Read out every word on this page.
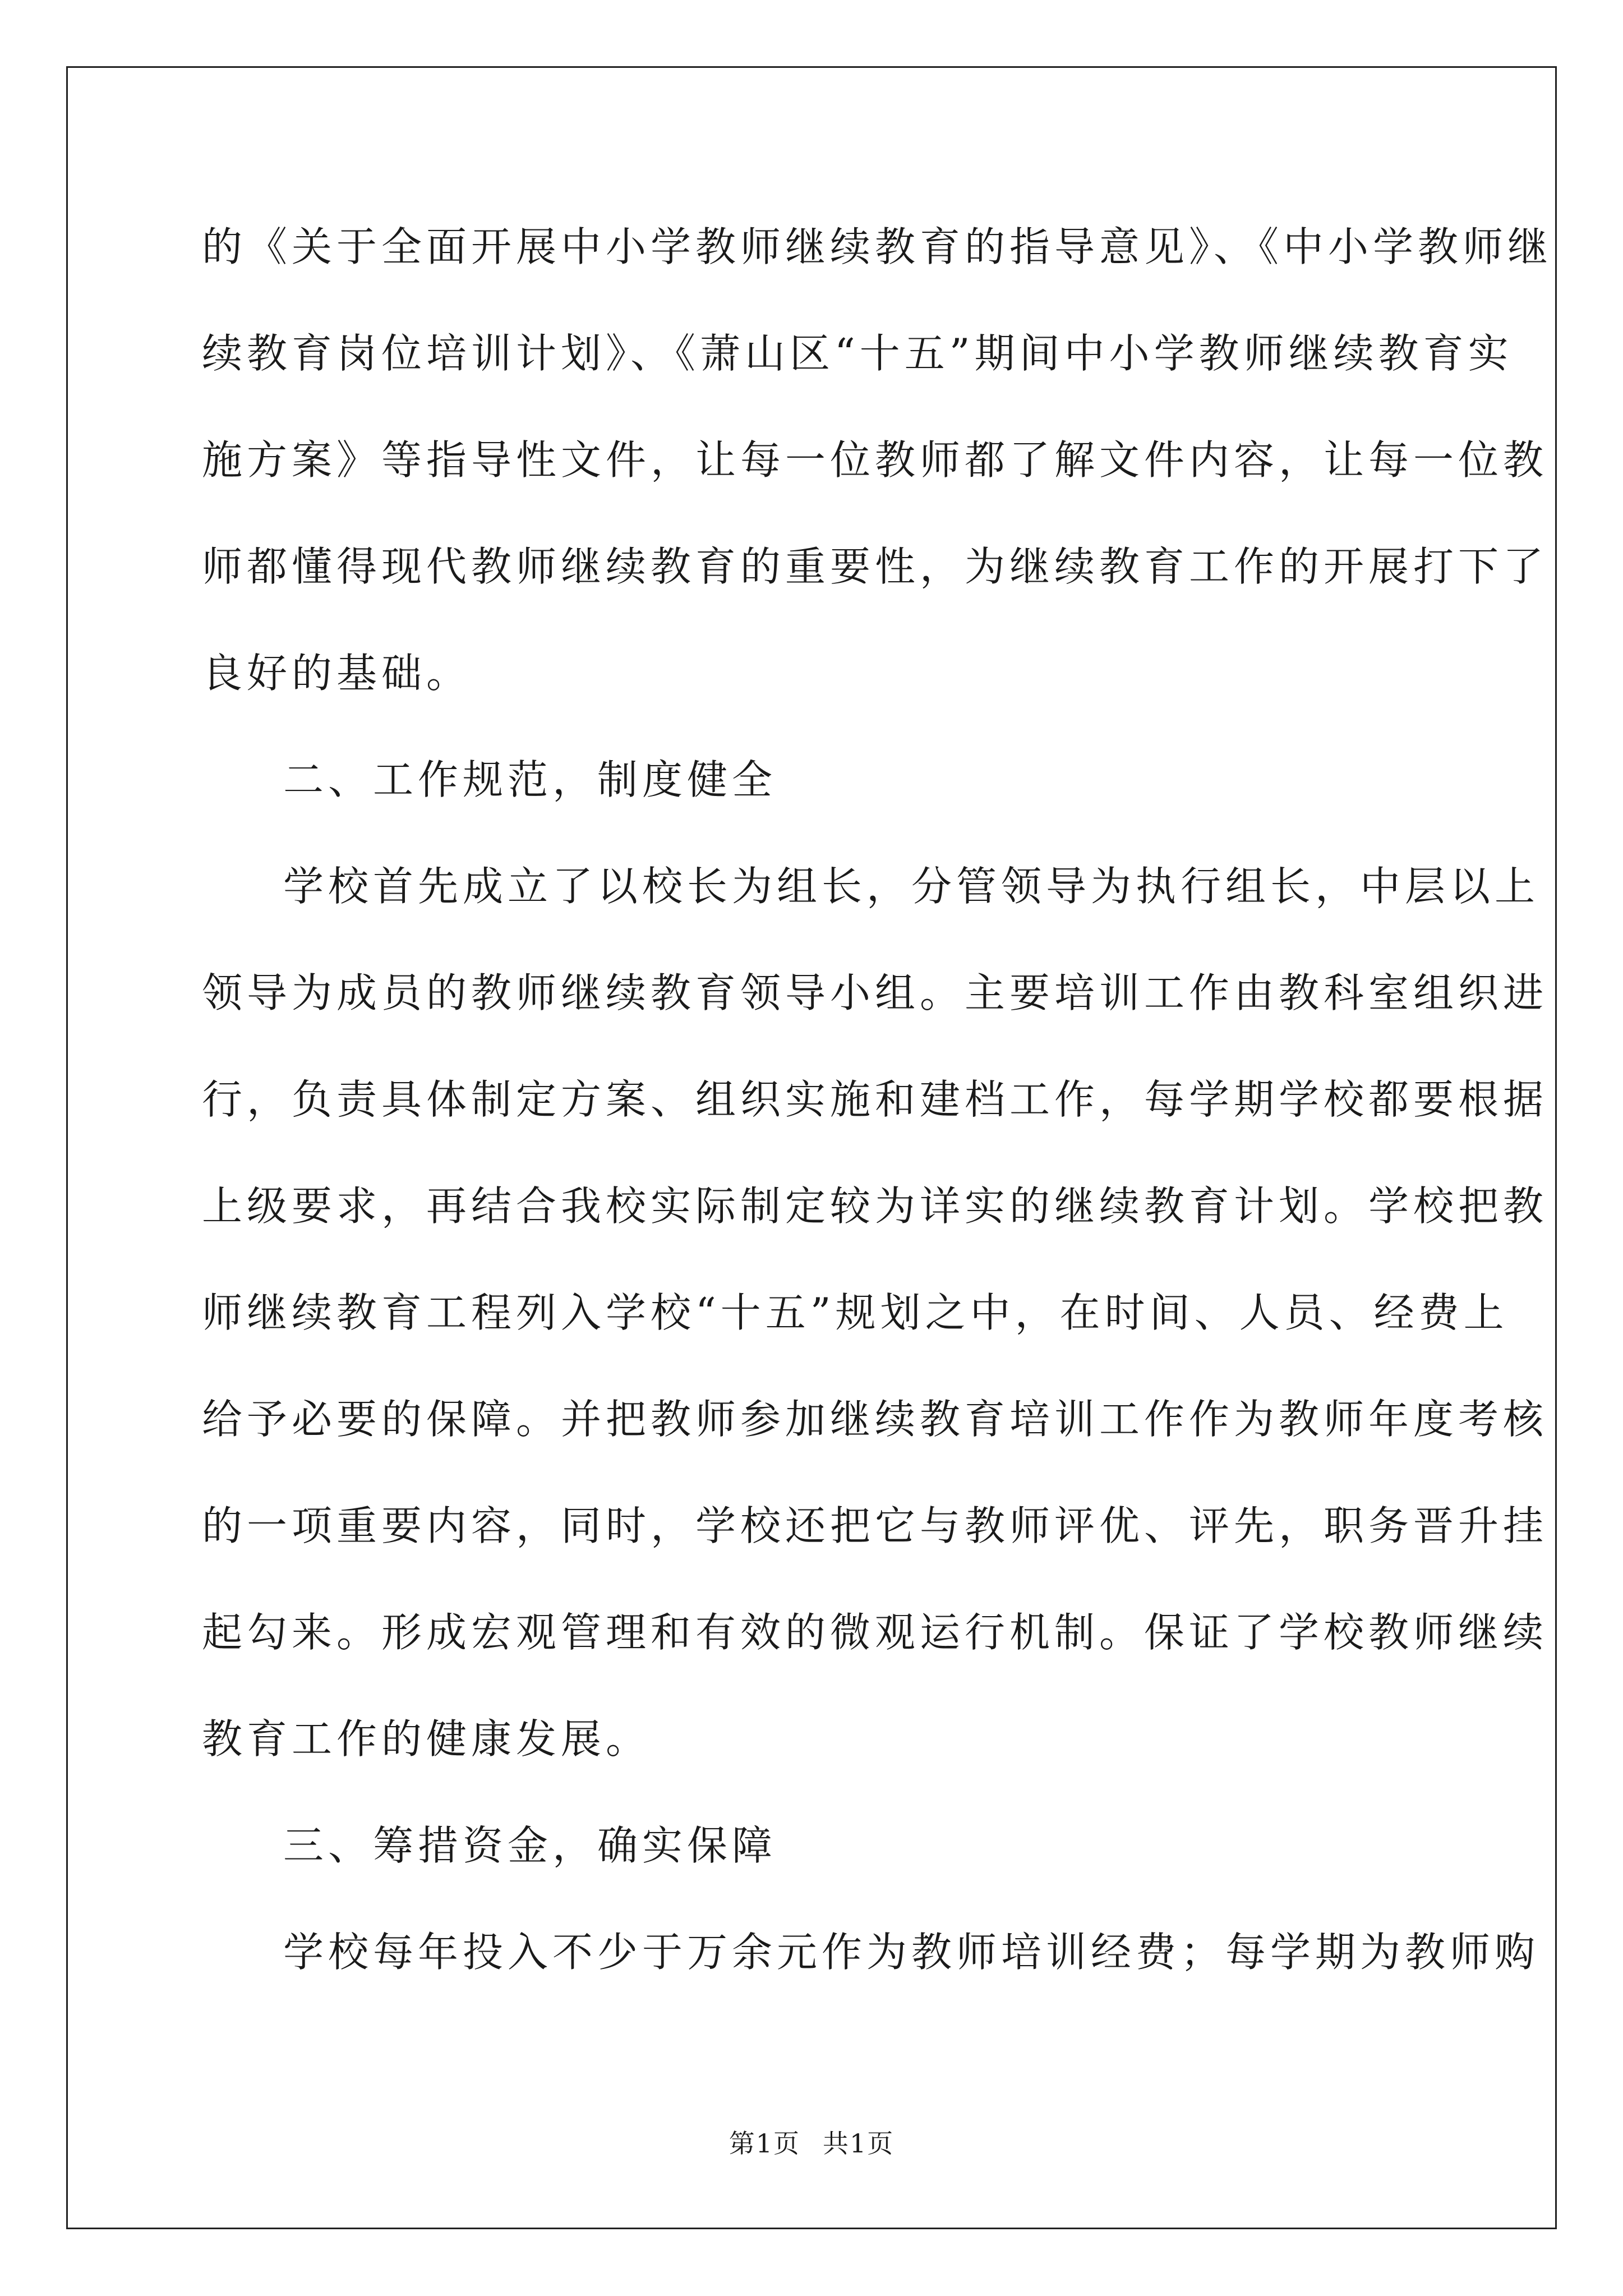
的《关于全面开展中小学教师继续教育的指导意见》、《中小学教师继
续教育岗位培训计划》、《萧山区“十五”期间中小学教师继续教育实
施方案》等指导性文件，让每一位教师都了解文件内容，让每一位教
师都懂得现代教师继续教育的重要性，为继续教育工作的开展打下了
良好的基础。
二、工作规范，制度健全
学校首先成立了以校长为组长，分管领导为执行组长，中层以上
领导为成员的教师继续教育领导小组。主要培训工作由教科室组织进
行，负责具体制定方案、组织实施和建档工作，每学期学校都要根据
上级要求，再结合我校实际制定较为详实的继续教育计划。学校把教
师继续教育工程列入学校“十五”规划之中，在时间、人员、经费上
给予必要的保障。并把教师参加继续教育培训工作作为教师年度考核
的一项重要内容，同时，学校还把它与教师评优、评先，职务晋升挂
起勾来。形成宏观管理和有效的微观运行机制。保证了学校教师继续
教育工作的健康发展。
三、筹措资金，确实保障
学校每年投入不少于万余元作为教师培训经费；每学期为教师购
第1页 共1页
